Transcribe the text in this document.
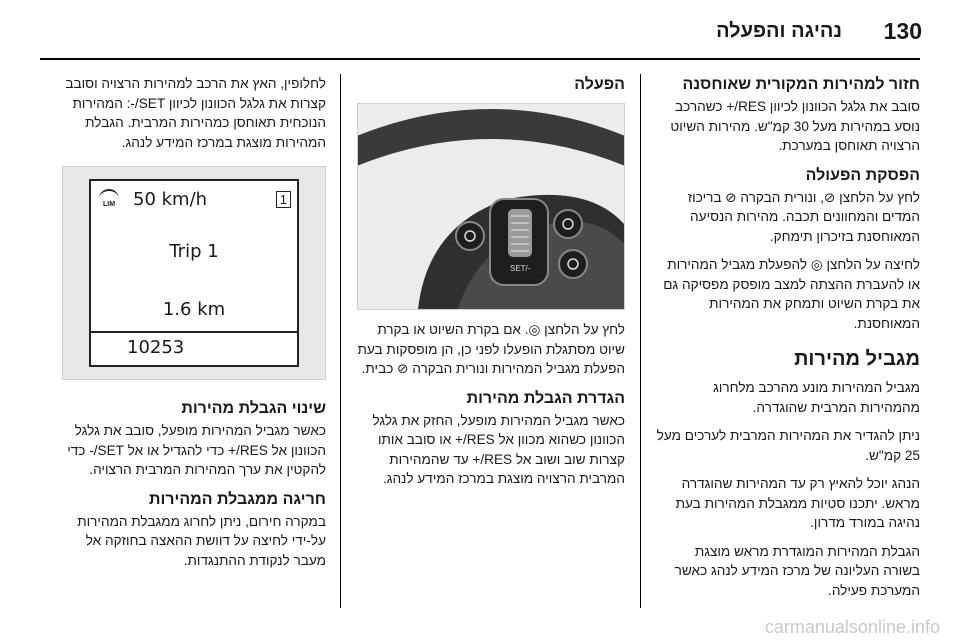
130
נהיגה והפעלה
חזור למהירות המקורית שאוחסנה

סובב את גלגל הכוונון לכיוון RES/+ כשהרכב נוסע במהירות מעל 30 קמ"ש. מהירות השיוט הרצויה תאוחסן במערכת.

הפסקת הפעולה

לחץ על הלחצן ⊘, ונורית הבקרה ⊘ בריכוז המדים והמחוונים תכבה. מהירות הנסיעה המאוחסנת בזיכרון תימחק.

לחיצה על הלחצן ◎ להפעלת מגביל המהירות או להעברת ההצתה למצב מופסק מפסיקה גם את בקרת השיוט ותמחק את המהירות המאוחסנת.

מגביל מהירות

מגביל המהירות מונע מהרכב מלחרוג מהמהירות המרבית שהוגדרה.

ניתן להגדיר את המהירות המרבית לערכים מעל 25 קמ"ש.

הנהג יוכל להאיץ רק עד המהירות שהוגדרה מראש. יתכנו סטיות ממגבלת המהירות בעת נהיגה במורד מדרון.

הגבלת המהירות המוגדרת מראש מוצגת בשורה העליונה של מרכז המידע לנהג כאשר המערכת פעילה.

הפעלה
SET/-

לחץ על הלחצן ◎. אם בקרת השיוט או בקרת שיוט מסתגלת הופעלו לפני כן, הן מופסקות בעת הפעלת מגביל המהירות ונורית הבקרה ⊘ כבית.

הגדרת הגבלת מהירות

כאשר מגביל המהירות מופעל, החזק את גלגל הכוונון כשהוא מכוון אל RES/+ או סובב אותו קצרות שוב ושוב אל RES/+ עד שהמהירות המרבית הרצויה מוצגת במרכז המידע לנהג.

לחלופין, האץ את הרכב למהירות הרצויה וסובב קצרות את גלגל הכוונון לכיוון SET/-: המהירות הנוכחית תאוחסן כמהירות המרבית. הגבלת המהירות מוצגת במרכז המידע לנהג.

LIM 50 km/h	1
Trip 1
1.6 km
10253
שינוי הגבלת מהירות

כאשר מגביל המהירות מופעל, סובב את גלגל הכוונון אל RES/+ כדי להגדיל או אל SET/- כדי להקטין את ערך המהירות המרבית הרצויה.

חריגה ממגבלת המהירות

במקרה חירום, ניתן לחרוג ממגבלת המהירות על-ידי לחיצה על דוושת ההאצה בחוזקה אל מעבר לנקודת ההתנגדות.

carmanualsonline.info
